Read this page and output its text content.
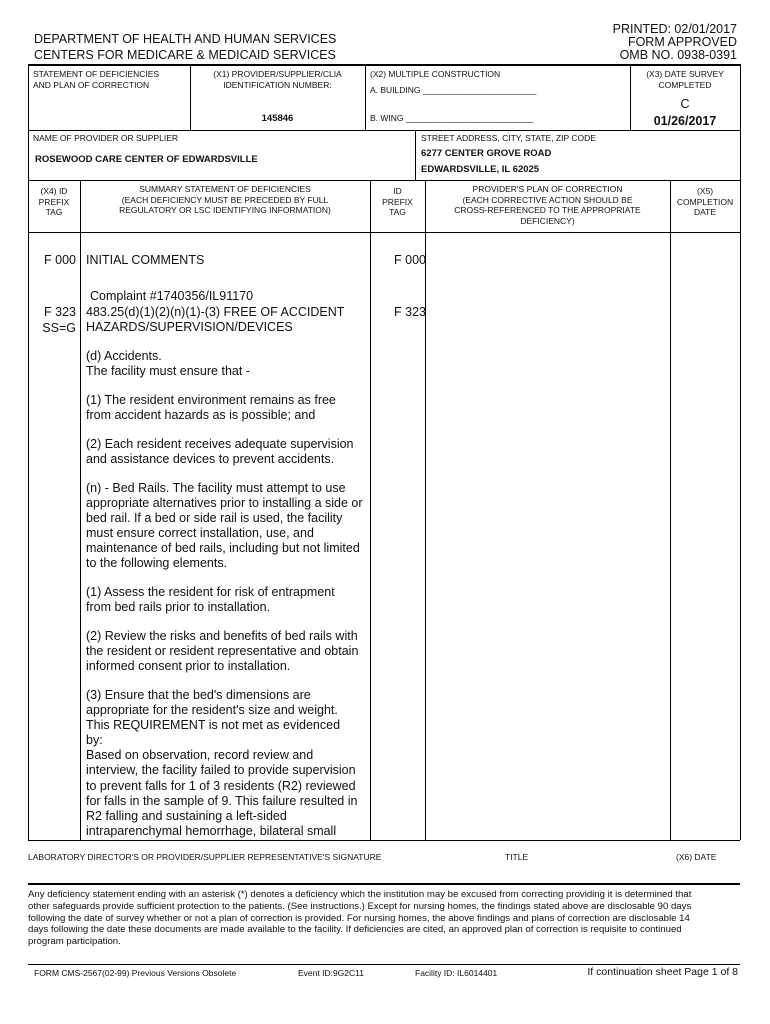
DEPARTMENT OF HEALTH AND HUMAN SERVICES
CENTERS FOR MEDICARE & MEDICAID SERVICES
PRINTED: 02/01/2017
FORM APPROVED
OMB NO. 0938-0391
STATEMENT OF DEFICIENCIES
AND PLAN OF CORRECTION
(X1) PROVIDER/SUPPLIER/CLIA
IDENTIFICATION NUMBER:
145846
(X2) MULTIPLE CONSTRUCTION
A. BUILDING ________________________
B. WING ___________________________
(X3) DATE SURVEY
COMPLETED
C
01/26/2017
NAME OF PROVIDER OR SUPPLIER
ROSEWOOD CARE CENTER OF EDWARDSVILLE
STREET ADDRESS, CITY, STATE, ZIP CODE
6277 CENTER GROVE ROAD
EDWARDSVILLE, IL 62025
(X4) ID
PREFIX
TAG
SUMMARY STATEMENT OF DEFICIENCIES
(EACH DEFICIENCY MUST BE PRECEDED BY FULL
REGULATORY OR LSC IDENTIFYING INFORMATION)
ID
PREFIX
TAG
PROVIDER'S PLAN OF CORRECTION
(EACH CORRECTIVE ACTION SHOULD BE
CROSS-REFERENCED TO THE APPROPRIATE
DEFICIENCY)
(X5)
COMPLETION
DATE
F 000 INITIAL COMMENTS	F 000
Complaint #1740356/IL91170
F 323
SS=G
483.25(d)(1)(2)(n)(1)-(3) FREE OF ACCIDENT
HAZARDS/SUPERVISION/DEVICES
F 323
(d) Accidents.
The facility must ensure that -
(1) The resident environment remains as free
from accident hazards as is possible; and
(2) Each resident receives adequate supervision
and assistance devices to prevent accidents.
(n) - Bed Rails. The facility must attempt to use
appropriate alternatives prior to installing a side or
bed rail. If a bed or side rail is used, the facility
must ensure correct installation, use, and
maintenance of bed rails, including but not limited
to the following elements.
(1) Assess the resident for risk of entrapment
from bed rails prior to installation.
(2) Review the risks and benefits of bed rails with
the resident or resident representative and obtain
informed consent prior to installation.
(3) Ensure that the bed's dimensions are
appropriate for the resident's size and weight.
This REQUIREMENT is not met as evidenced
by:
Based on observation, record review and
interview, the facility failed to provide supervision
to prevent falls for 1 of 3 residents (R2) reviewed
for falls in the sample of 9. This failure resulted in
R2 falling and sustaining a left-sided
intraparenchymal hemorrhage, bilateral small
LABORATORY DIRECTOR'S OR PROVIDER/SUPPLIER REPRESENTATIVE'S SIGNATURE	TITLE	(X6) DATE
Any deficiency statement ending with an asterisk (*) denotes a deficiency which the institution may be excused from correcting providing it is determined that
other safeguards provide sufficient protection to the patients. (See instructions.) Except for nursing homes, the findings stated above are disclosable 90 days
following the date of survey whether or not a plan of correction is provided. For nursing homes, the above findings and plans of correction are disclosable 14
days following the date these documents are made available to the facility. If deficiencies are cited, an approved plan of correction is requisite to continued
program participation.
FORM CMS-2567(02-99) Previous Versions Obsolete	Event ID:9G2C11	Facility ID: IL6014401	If continuation sheet Page 1 of 8
